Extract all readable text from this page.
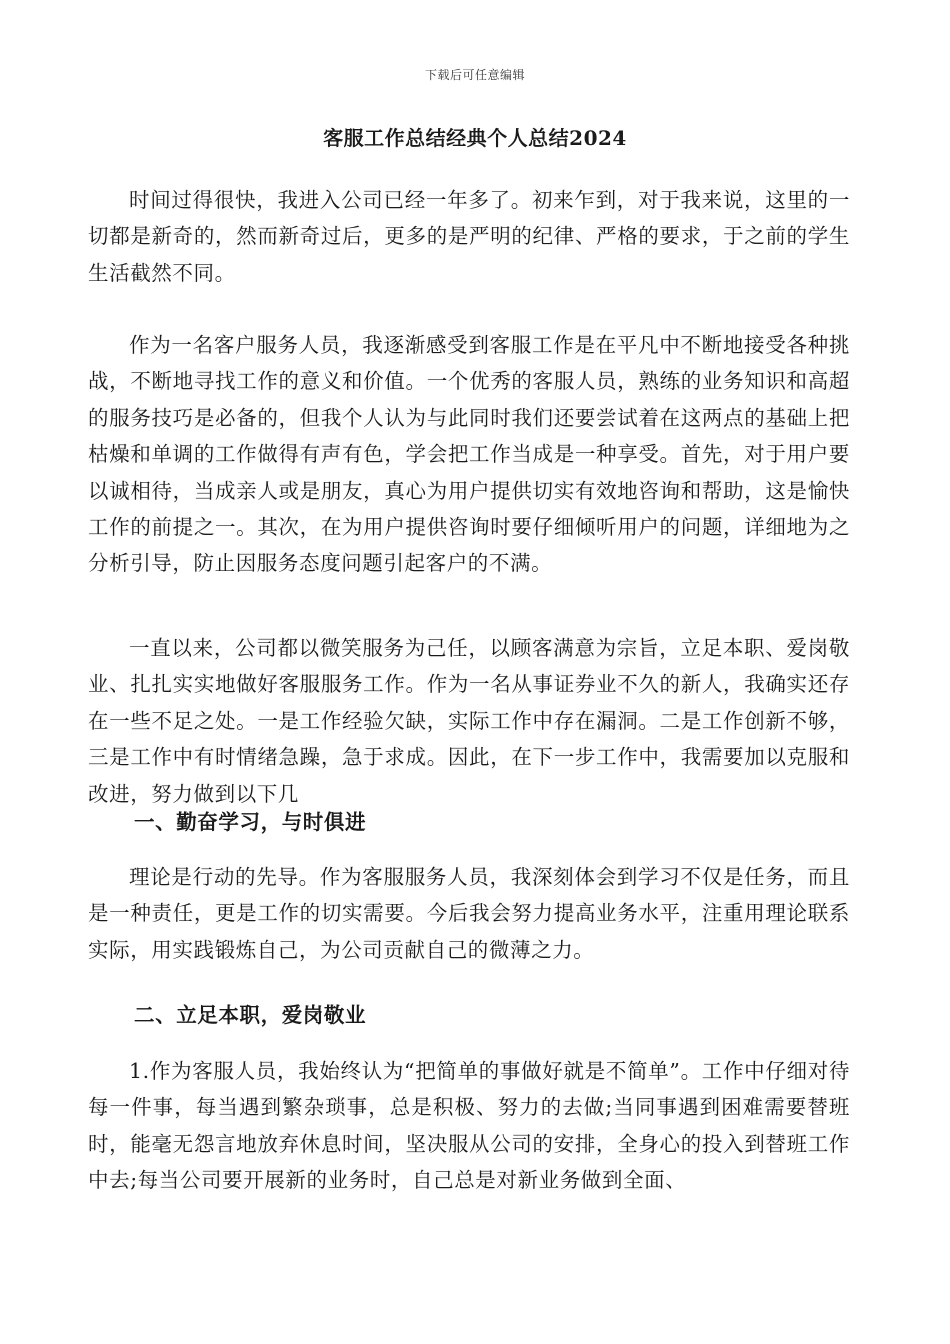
下载后可任意编辑
客服工作总结经典个人总结2024

时间过得很快，我进入公司已经一年多了。初来乍到，对于我来说，这里的一切都是新奇的，然而新奇过后，更多的是严明的纪律、严格的要求，于之前的学生生活截然不同。

作为一名客户服务人员，我逐渐感受到客服工作是在平凡中不断地接受各种挑战，不断地寻找工作的意义和价值。一个优秀的客服人员，熟练的业务知识和高超的服务技巧是必备的，但我个人认为与此同时我们还要尝试着在这两点的基础上把枯燥和单调的工作做得有声有色，学会把工作当成是一种享受。首先，对于用户要以诚相待，当成亲人或是朋友，真心为用户提供切实有效地咨询和帮助，这是愉快工作的前提之一。其次，在为用户提供咨询时要仔细倾听用户的问题，详细地为之分析引导，防止因服务态度问题引起客户的不满。

一直以来，公司都以微笑服务为己任，以顾客满意为宗旨，立足本职、爱岗敬业、扎扎实实地做好客服服务工作。作为一名从事证券业不久的新人，我确实还存在一些不足之处。一是工作经验欠缺，实际工作中存在漏洞。二是工作创新不够，三是工作中有时情绪急躁，急于求成。因此，在下一步工作中，我需要加以克服和改进，努力做到以下几

一、勤奋学习，与时俱进

理论是行动的先导。作为客服服务人员，我深刻体会到学习不仅是任务，而且是一种责任，更是工作的切实需要。今后我会努力提高业务水平，注重用理论联系实际，用实践锻炼自己，为公司贡献自己的微薄之力。

二、立足本职，爱岗敬业

1.作为客服人员，我始终认为“把简单的事做好就是不简单”。工作中仔细对待每一件事，每当遇到繁杂琐事，总是积极、努力的去做;当同事遇到困难需要替班时，能毫无怨言地放弃休息时间，坚决服从公司的安排，全身心的投入到替班工作中去;每当公司要开展新的业务时，自己总是对新业务做到全面、
